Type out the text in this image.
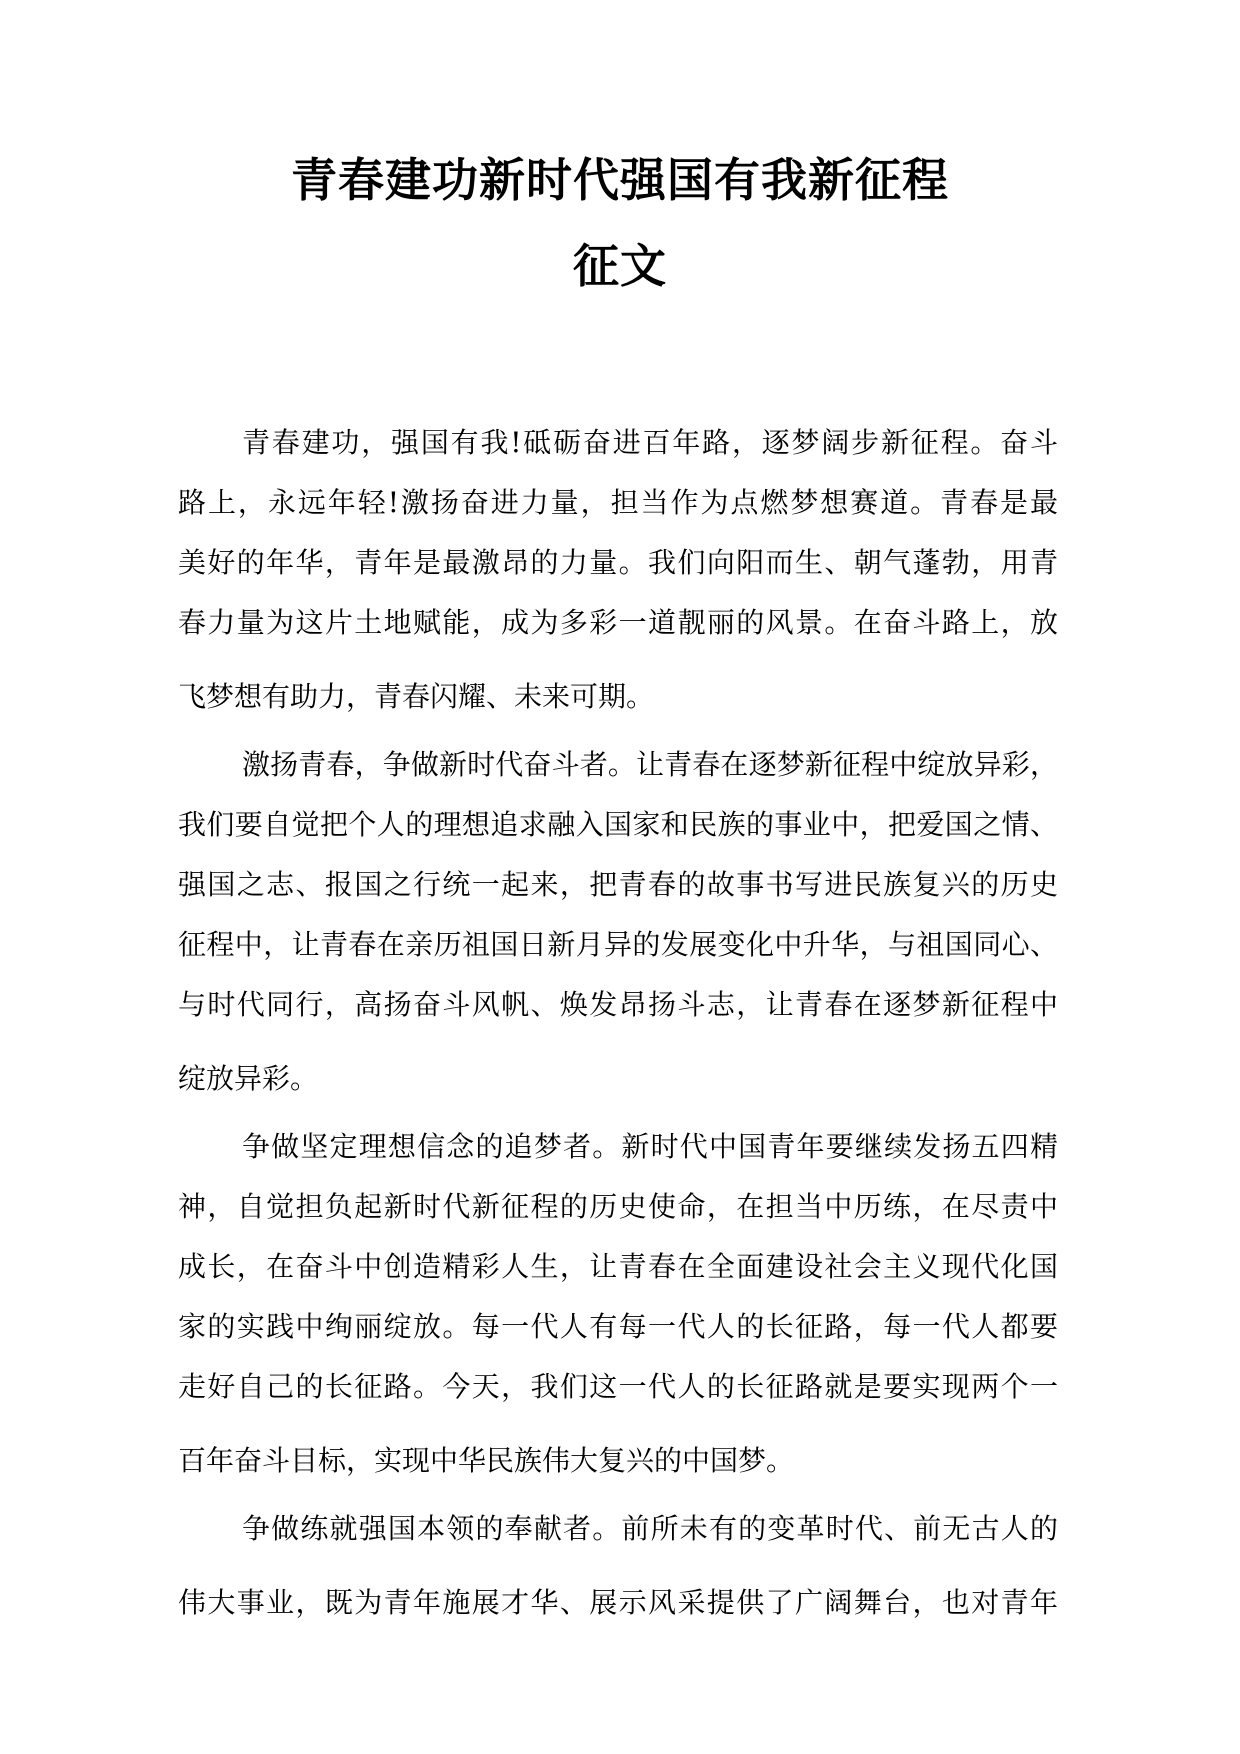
青春建功新时代强国有我新征程
征文
青春建功，强国有我!砥砺奋进百年路，逐梦阔步新征程。奋斗
路上，永远年轻!激扬奋进力量，担当作为点燃梦想赛道。青春是最
美好的年华，青年是最激昂的力量。我们向阳而生、朝气蓬勃，用青
春力量为这片土地赋能，成为多彩一道靓丽的风景。在奋斗路上，放
飞梦想有助力，青春闪耀、未来可期。
激扬青春，争做新时代奋斗者。让青春在逐梦新征程中绽放异彩，
我们要自觉把个人的理想追求融入国家和民族的事业中，把爱国之情、
强国之志、报国之行统一起来，把青春的故事书写进民族复兴的历史
征程中，让青春在亲历祖国日新月异的发展变化中升华，与祖国同心、
与时代同行，高扬奋斗风帆、焕发昂扬斗志，让青春在逐梦新征程中
绽放异彩。
争做坚定理想信念的追梦者。新时代中国青年要继续发扬五四精
神，自觉担负起新时代新征程的历史使命，在担当中历练，在尽责中
成长，在奋斗中创造精彩人生，让青春在全面建设社会主义现代化国
家的实践中绚丽绽放。每一代人有每一代人的长征路，每一代人都要
走好自己的长征路。今天，我们这一代人的长征路就是要实现两个一
百年奋斗目标，实现中华民族伟大复兴的中国梦。
争做练就强国本领的奉献者。前所未有的变革时代、前无古人的
伟大事业，既为青年施展才华、展示风采提供了广阔舞台，也对青年
